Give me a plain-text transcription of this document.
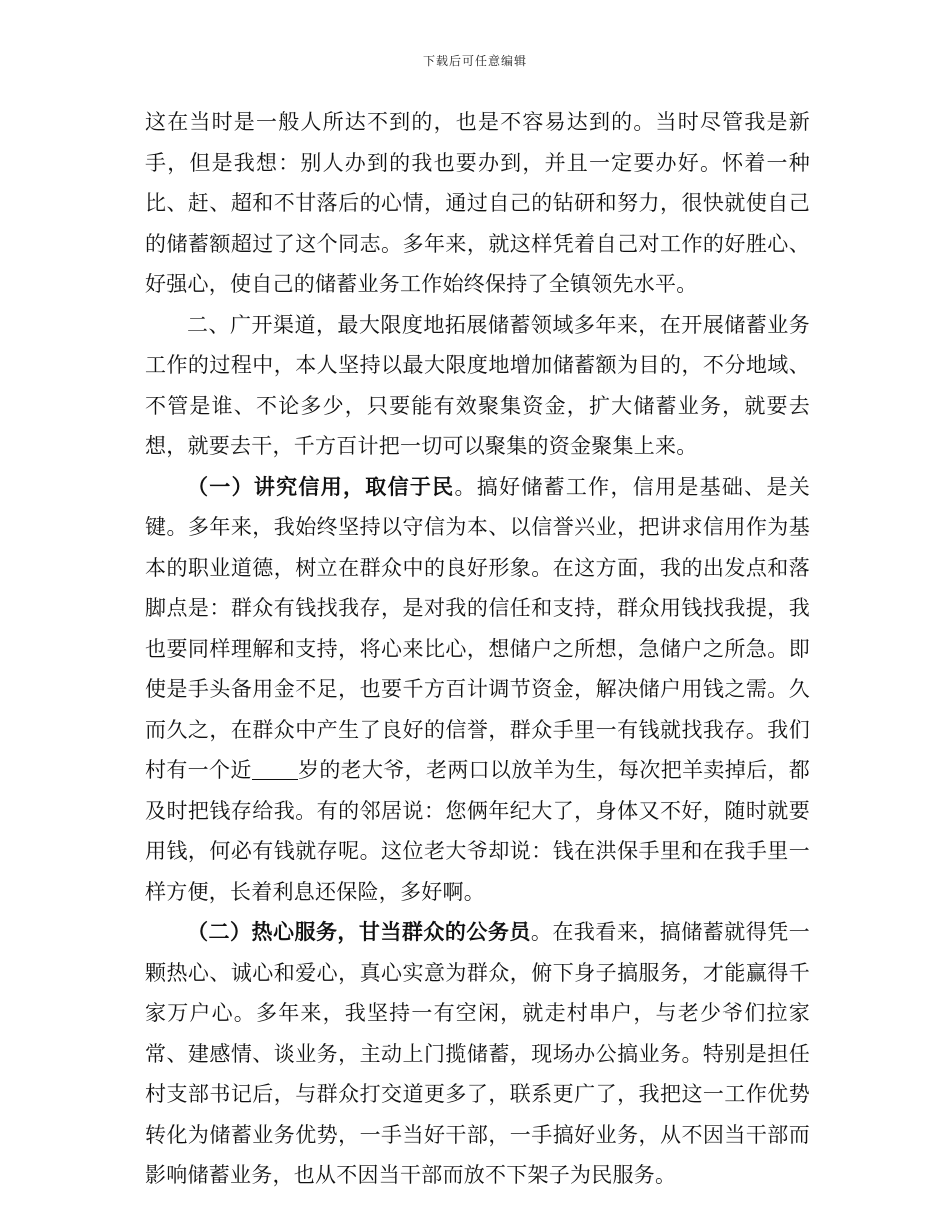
下载后可任意编辑

这在当时是一般人所达不到的，也是不容易达到的。当时尽管我是新手，但是我想：别人办到的我也要办到，并且一定要办好。怀着一种比、赶、超和不甘落后的心情，通过自己的钻研和努力，很快就使自己的储蓄额超过了这个同志。多年来，就这样凭着自己对工作的好胜心、好强心，使自己的储蓄业务工作始终保持了全镇领先水平。

二、广开渠道，最大限度地拓展储蓄领域多年来，在开展储蓄业务工作的过程中，本人坚持以最大限度地增加储蓄额为目的，不分地域、不管是谁、不论多少，只要能有效聚集资金，扩大储蓄业务，就要去想，就要去干，千方百计把一切可以聚集的资金聚集上来。

（一）讲究信用，取信于民。搞好储蓄工作，信用是基础、是关键。多年来，我始终坚持以守信为本、以信誉兴业，把讲求信用作为基本的职业道德，树立在群众中的良好形象。在这方面，我的出发点和落脚点是：群众有钱找我存，是对我的信任和支持，群众用钱找我提，我也要同样理解和支持，将心来比心，想储户之所想，急储户之所急。即使是手头备用金不足，也要千方百计调节资金，解决储户用钱之需。久而久之，在群众中产生了良好的信誉，群众手里一有钱就找我存。我们村有一个近 岁的老大爷，老两口以放羊为生，每次把羊卖掉后，都及时把钱存给我。有的邻居说：您俩年纪大了，身体又不好，随时就要用钱，何必有钱就存呢。这位老大爷却说：钱在洪保手里和在我手里一样方便，长着利息还保险，多好啊。

（二）热心服务，甘当群众的公务员。在我看来，搞储蓄就得凭一颗热心、诚心和爱心，真心实意为群众，俯下身子搞服务，才能赢得千家万户心。多年来，我坚持一有空闲，就走村串户，与老少爷们拉家常、建感情、谈业务，主动上门揽储蓄，现场办公搞业务。特别是担任村支部书记后，与群众打交道更多了，联系更广了，我把这一工作优势转化为储蓄业务优势，一手当好干部，一手搞好业务，从不因当干部而影响储蓄业务，也从不因当干部而放不下架子为民服务。
